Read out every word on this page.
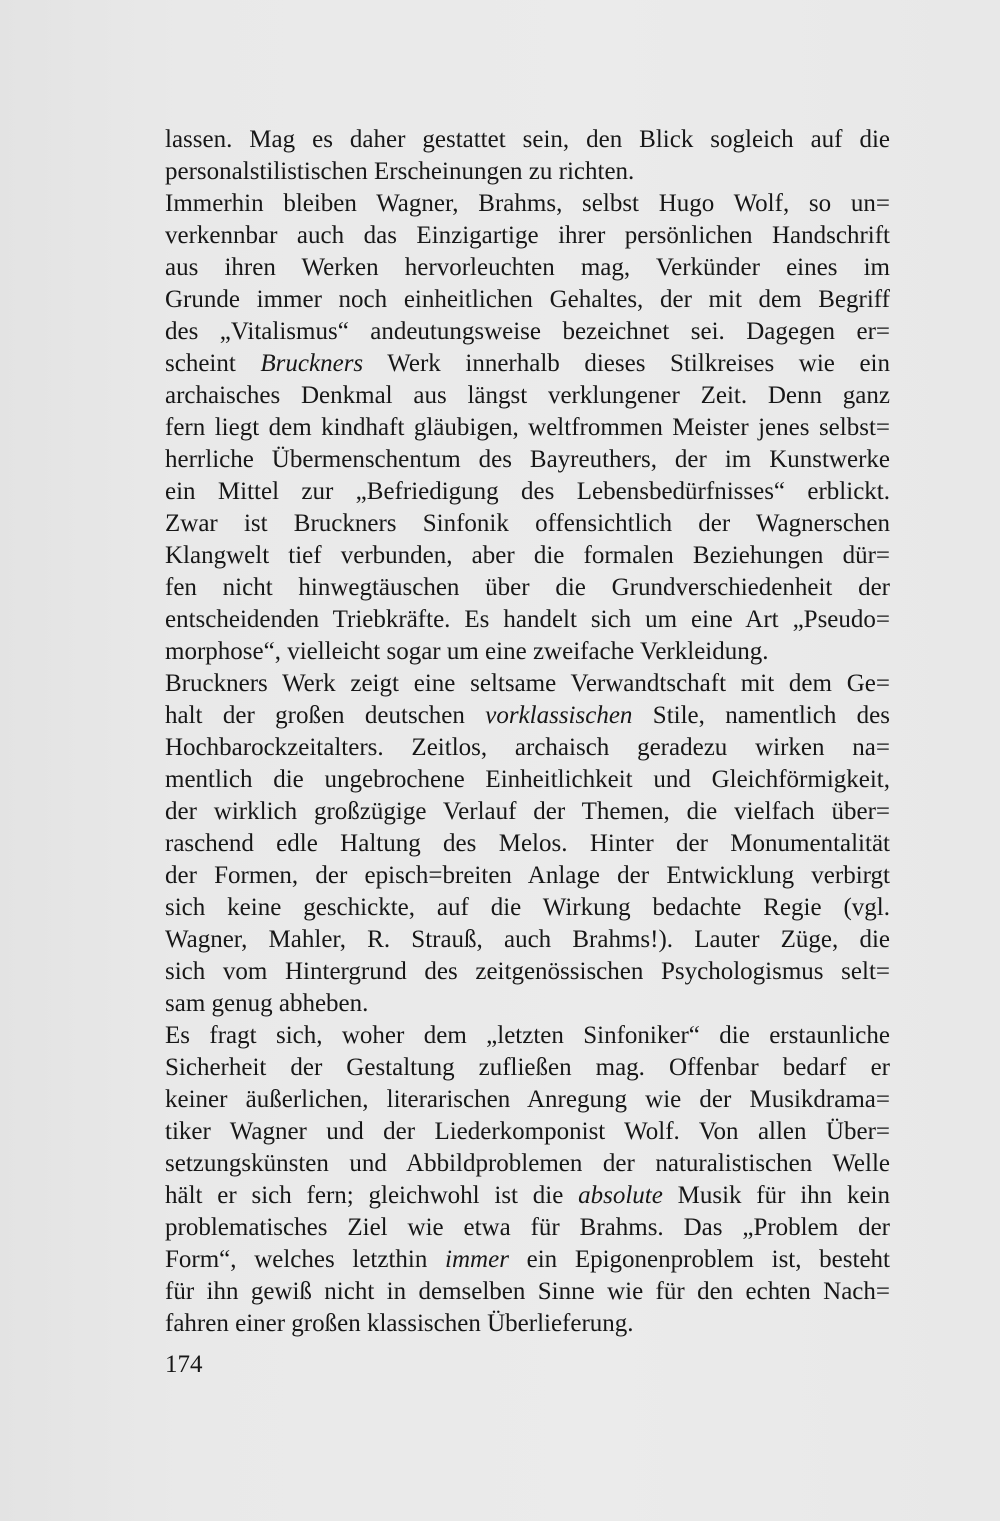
lassen. Mag es daher gestattet sein, den Blick sogleich auf die
personalstilistischen Erscheinungen zu richten.
Immerhin bleiben Wagner, Brahms, selbst Hugo Wolf, so un=
verkennbar auch das Einzigartige ihrer persönlichen Handschrift
aus ihren Werken hervorleuchten mag, Verkünder eines im
Grunde immer noch einheitlichen Gehaltes, der mit dem Begriff
des „Vitalismus“ andeutungsweise bezeichnet sei. Dagegen er=
scheint Bruckners Werk innerhalb dieses Stilkreises wie ein
archaisches Denkmal aus längst verklungener Zeit. Denn ganz
fern liegt dem kindhaft gläubigen, weltfrommen Meister jenes selbst=
herrliche Übermenschentum des Bayreuthers, der im Kunstwerke
ein Mittel zur „Befriedigung des Lebensbedürfnisses“ erblickt.
Zwar ist Bruckners Sinfonik offensichtlich der Wagnerschen
Klangwelt tief verbunden, aber die formalen Beziehungen dür=
fen nicht hinwegtäuschen über die Grundverschiedenheit der
entscheidenden Triebkräfte. Es handelt sich um eine Art „Pseudo=
morphose“, vielleicht sogar um eine zweifache Verkleidung.
Bruckners Werk zeigt eine seltsame Verwandtschaft mit dem Ge=
halt der großen deutschen vorklassischen Stile, namentlich des
Hochbarockzeitalters. Zeitlos, archaisch geradezu wirken na=
mentlich die ungebrochene Einheitlichkeit und Gleichförmigkeit,
der wirklich großzügige Verlauf der Themen, die vielfach über=
raschend edle Haltung des Melos. Hinter der Monumentalität
der Formen, der episch=breiten Anlage der Entwicklung verbirgt
sich keine geschickte, auf die Wirkung bedachte Regie (vgl.
Wagner, Mahler, R. Strauß, auch Brahms!). Lauter Züge, die
sich vom Hintergrund des zeitgenössischen Psychologismus selt=
sam genug abheben.
Es fragt sich, woher dem „letzten Sinfoniker“ die erstaunliche
Sicherheit der Gestaltung zufließen mag. Offenbar bedarf er
keiner äußerlichen, literarischen Anregung wie der Musikdrama=
tiker Wagner und der Liederkomponist Wolf. Von allen Über=
setzungskünsten und Abbildproblemen der naturalistischen Welle
hält er sich fern; gleichwohl ist die absolute Musik für ihn kein
problematisches Ziel wie etwa für Brahms. Das „Problem der
Form“, welches letzthin immer ein Epigonenproblem ist, besteht
für ihn gewiß nicht in demselben Sinne wie für den echten Nach=
fahren einer großen klassischen Überlieferung.
174
